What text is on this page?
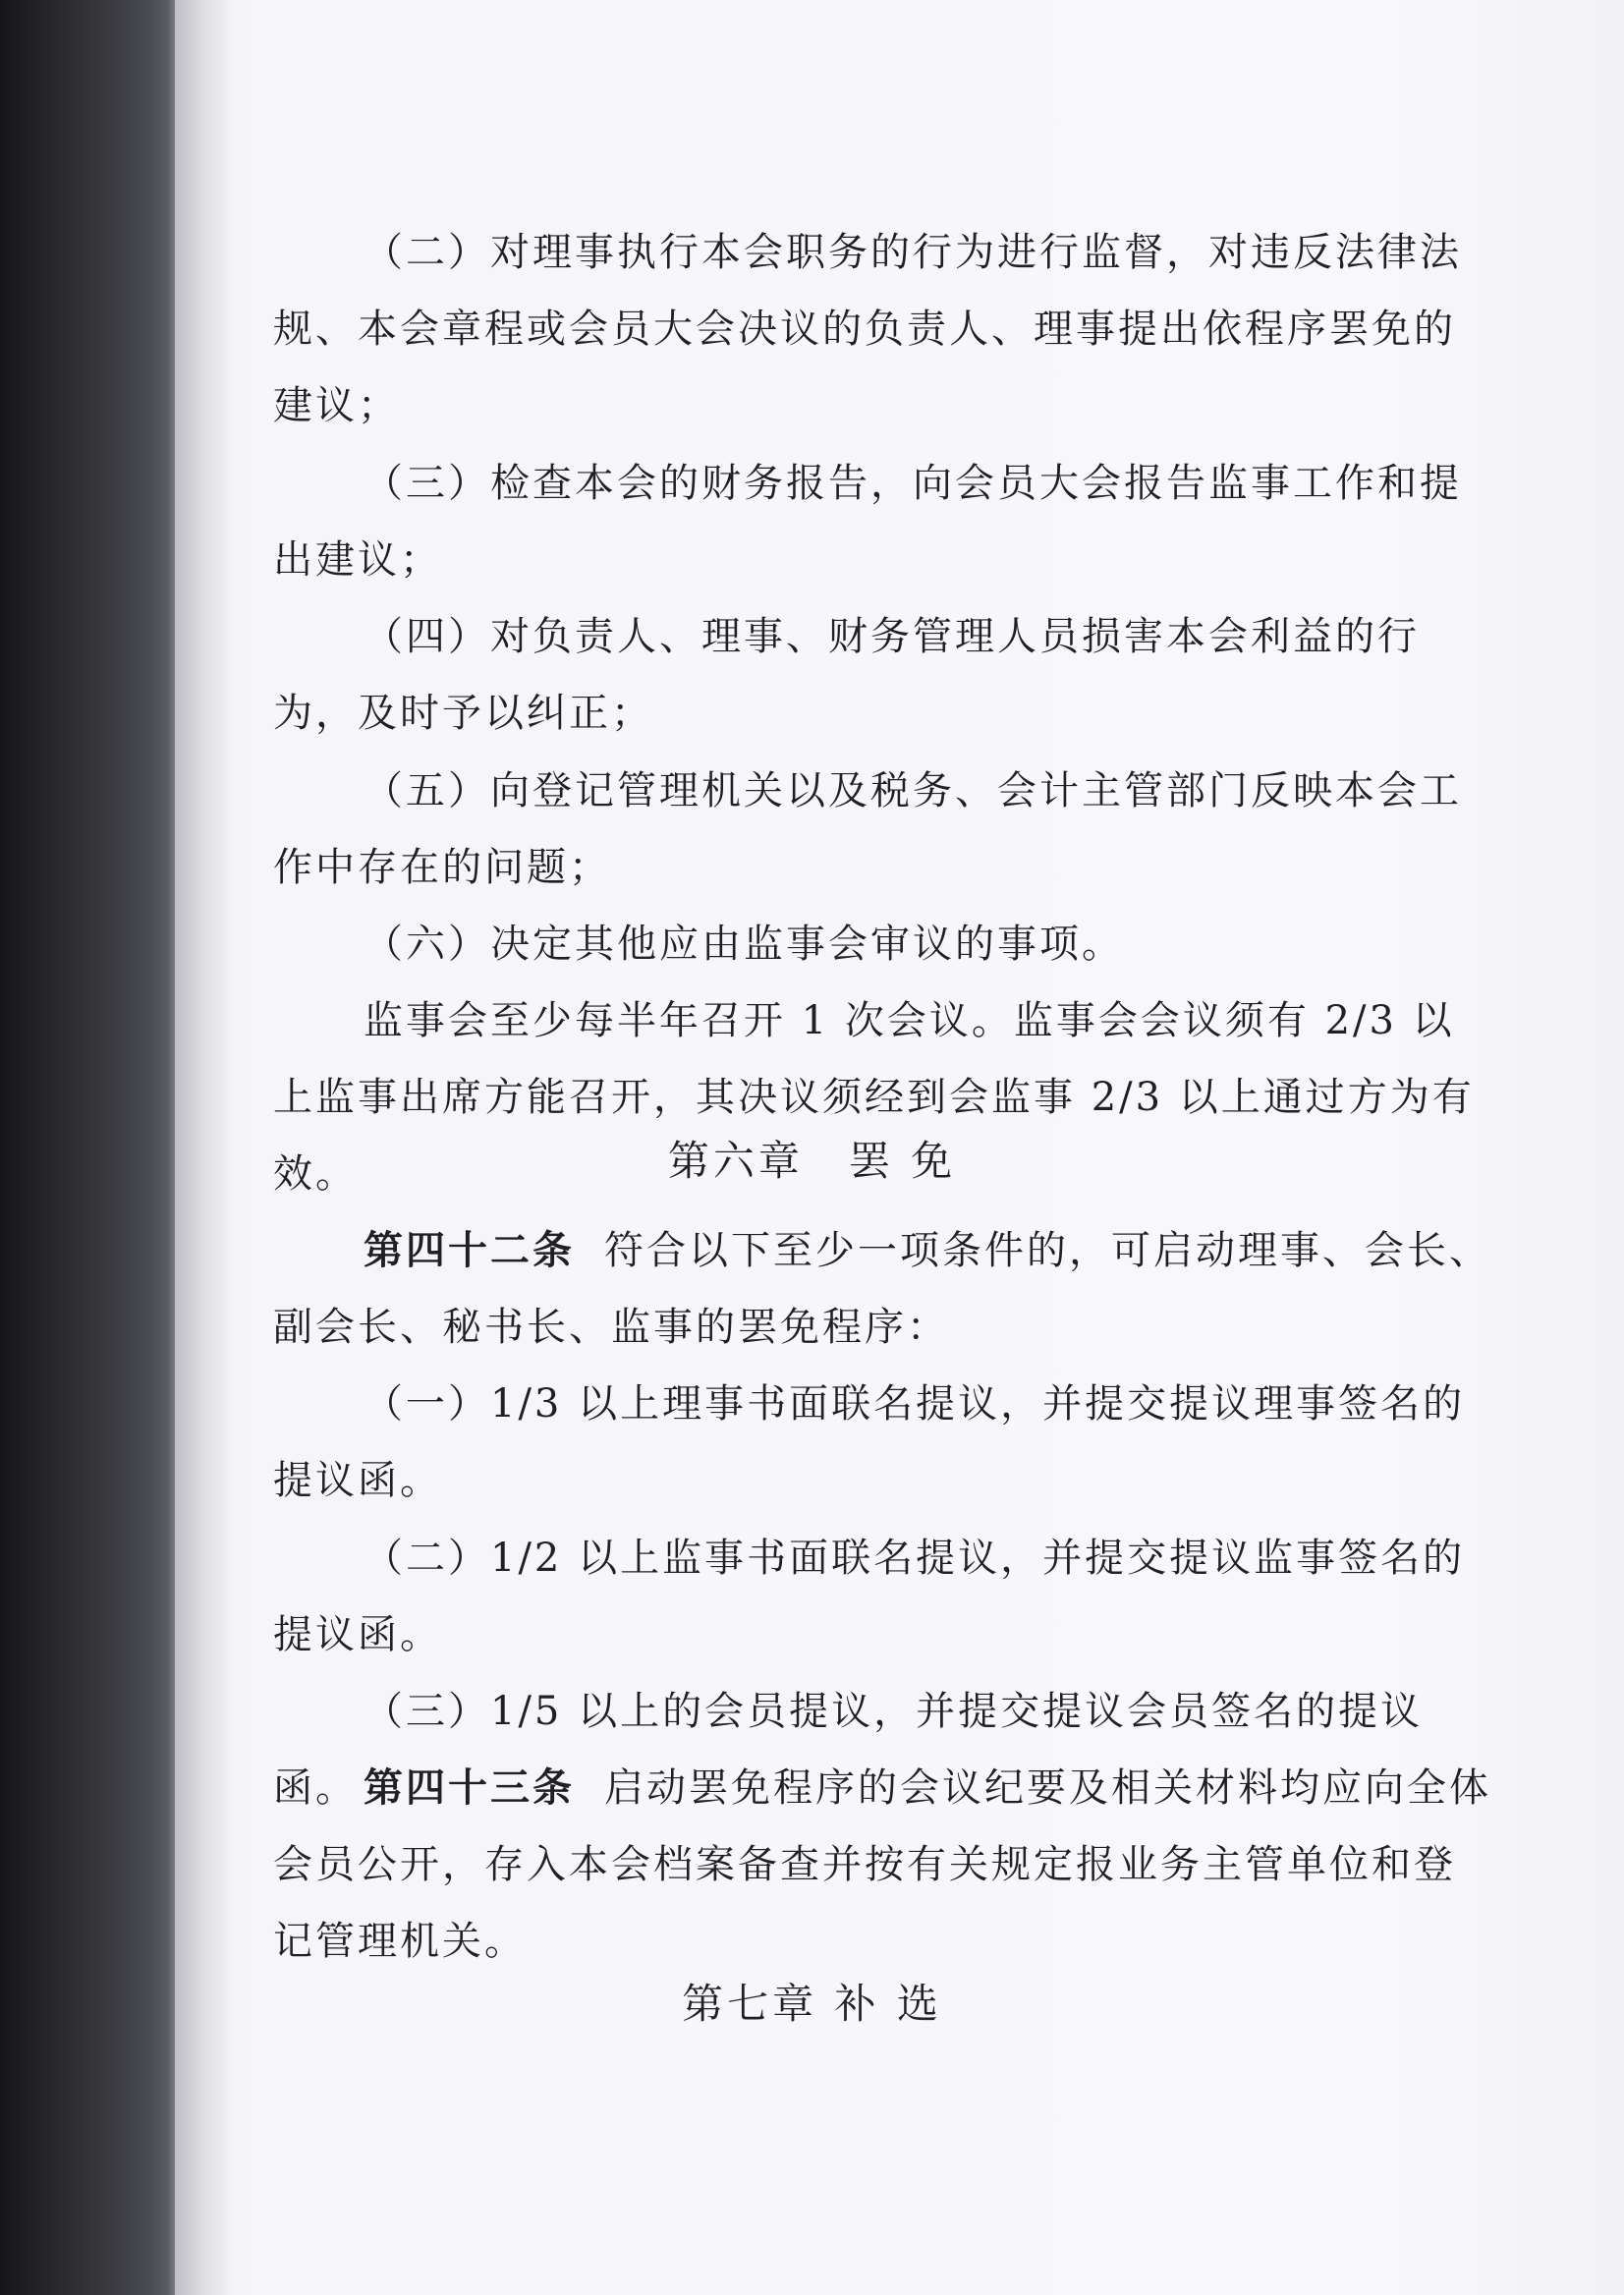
（二）对理事执行本会职务的行为进行监督，对违反法律法规、本会章程或会员大会决议的负责人、理事提出依程序罢免的建议；

（三）检查本会的财务报告，向会员大会报告监事工作和提出建议；

（四）对负责人、理事、财务管理人员损害本会利益的行为，及时予以纠正；

（五）向登记管理机关以及税务、会计主管部门反映本会工作中存在的问题；

（六）决定其他应由监事会审议的事项。

监事会至少每半年召开 1 次会议。监事会会议须有 2/3 以上监事出席方能召开，其决议须经到会监事 2/3 以上通过方为有效。	第六章　罢 免

第四十二条 符合以下至少一项条件的，可启动理事、会长、副会长、秘书长、监事的罢免程序：

（一）1/3 以上理事书面联名提议，并提交提议理事签名的提议函。

（二）1/2 以上监事书面联名提议，并提交提议监事签名的提议函。

（三）1/5 以上的会员提议，并提交提议会员签名的提议函。 第四十三条 启动罢免程序的会议纪要及相关材料均应向全体会员公开，存入本会档案备查并按有关规定报业务主管单位和登记管理机关。

第七章 补 选
